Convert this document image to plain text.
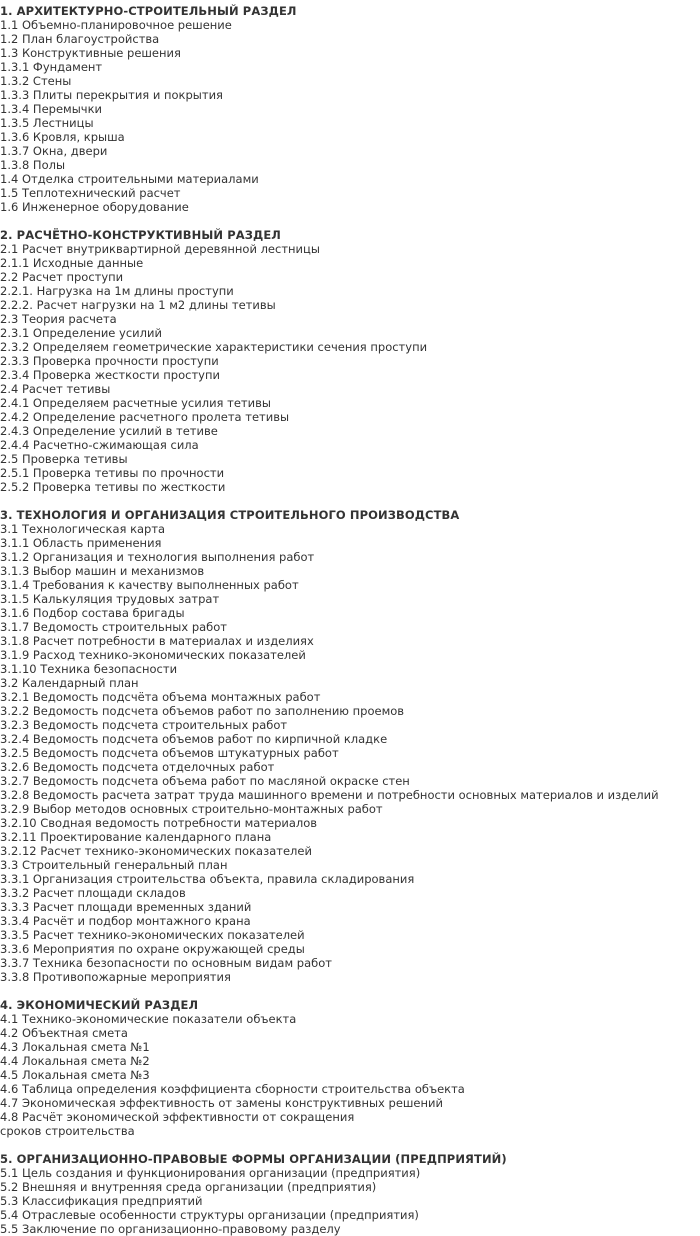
1. АРХИТЕКТУРНО-СТРОИТЕЛЬНЫЙ РАЗДЕЛ
1.1 Объемно-планировочное решение
1.2 План благоустройства
1.3 Конструктивные решения
1.3.1 Фундамент
1.3.2 Стены
1.3.3 Плиты перекрытия и покрытия
1.3.4 Перемычки
1.3.5 Лестницы
1.3.6 Кровля, крыша
1.3.7 Окна, двери
1.3.8 Полы
1.4 Отделка строительными материалами
1.5 Теплотехнический расчет
1.6 Инженерное оборудование
2. РАСЧЁТНО-КОНСТРУКТИВНЫЙ РАЗДЕЛ
2.1 Расчет внутриквартирной деревянной лестницы
2.1.1 Исходные данные
2.2 Расчет проступи
2.2.1. Нагрузка на 1м длины проступи
2.2.2. Расчет нагрузки на 1 м2 длины тетивы
2.3 Теория расчета
2.3.1 Определение усилий
2.3.2 Определяем геометрические характеристики сечения проступи
2.3.3 Проверка прочности проступи
2.3.4 Проверка жесткости проступи
2.4 Расчет тетивы
2.4.1 Определяем расчетные усилия тетивы
2.4.2 Определение расчетного пролета тетивы
2.4.3 Определение усилий в тетиве
2.4.4 Расчетно-сжимающая сила
2.5 Проверка тетивы
2.5.1 Проверка тетивы по прочности
2.5.2 Проверка тетивы по жесткости
3. ТЕХНОЛОГИЯ И ОРГАНИЗАЦИЯ СТРОИТЕЛЬНОГО ПРОИЗВОДСТВА
3.1 Технологическая карта
3.1.1 Область применения
3.1.2 Организация и технология выполнения работ
3.1.3 Выбор машин и механизмов
3.1.4 Требования к качеству выполненных работ
3.1.5 Калькуляция трудовых затрат
3.1.6 Подбор состава бригады
3.1.7 Ведомость строительных работ
3.1.8 Расчет потребности в материалах и изделиях
3.1.9 Расход технико-экономических показателей
3.1.10 Техника безопасности
3.2 Календарный план
3.2.1 Ведомость подсчёта объема монтажных работ
3.2.2 Ведомость подсчета объемов работ по заполнению проемов
3.2.3 Ведомость подсчета строительных работ
3.2.4 Ведомость подсчета объемов работ по кирпичной кладке
3.2.5 Ведомость подсчета объемов штукатурных работ
3.2.6 Ведомость подсчета отделочных работ
3.2.7 Ведомость подсчета объема работ по масляной окраске стен
3.2.8 Ведомость расчета затрат труда машинного времени и потребности основных материалов и изделий
3.2.9 Выбор методов основных строительно-монтажных работ
3.2.10 Сводная ведомость потребности материалов
3.2.11 Проектирование календарного плана
3.2.12 Расчет технико-экономических показателей
3.3 Строительный генеральный план
3.3.1 Организация строительства объекта, правила складирования
3.3.2 Расчет площади складов
3.3.3 Расчет площади временных зданий
3.3.4 Расчёт и подбор монтажного крана
3.3.5 Расчет технико-экономических показателей
3.3.6 Мероприятия по охране окружающей среды
3.3.7 Техника безопасности по основным видам работ
3.3.8 Противопожарные мероприятия
4. ЭКОНОМИЧЕСКИЙ РАЗДЕЛ
4.1 Технико-экономические показатели объекта
4.2 Объектная смета
4.3 Локальная смета №1
4.4 Локальная смета №2
4.5 Локальная смета №3
4.6 Таблица определения коэффициента сборности строительства объекта
4.7 Экономическая эффективность от замены конструктивных решений
4.8 Расчёт экономической эффективности от сокращения
сроков строительства
5. ОРГАНИЗАЦИОННО-ПРАВОВЫЕ ФОРМЫ ОРГАНИЗАЦИИ (ПРЕДПРИЯТИЙ)
5.1 Цель создания и функционирования организации (предприятия)
5.2 Внешняя и внутренняя среда организации (предприятия)
5.3 Классификация предприятий
5.4 Отраслевые особенности структуры организации (предприятия)
5.5 Заключение по организационно-правовому разделу
